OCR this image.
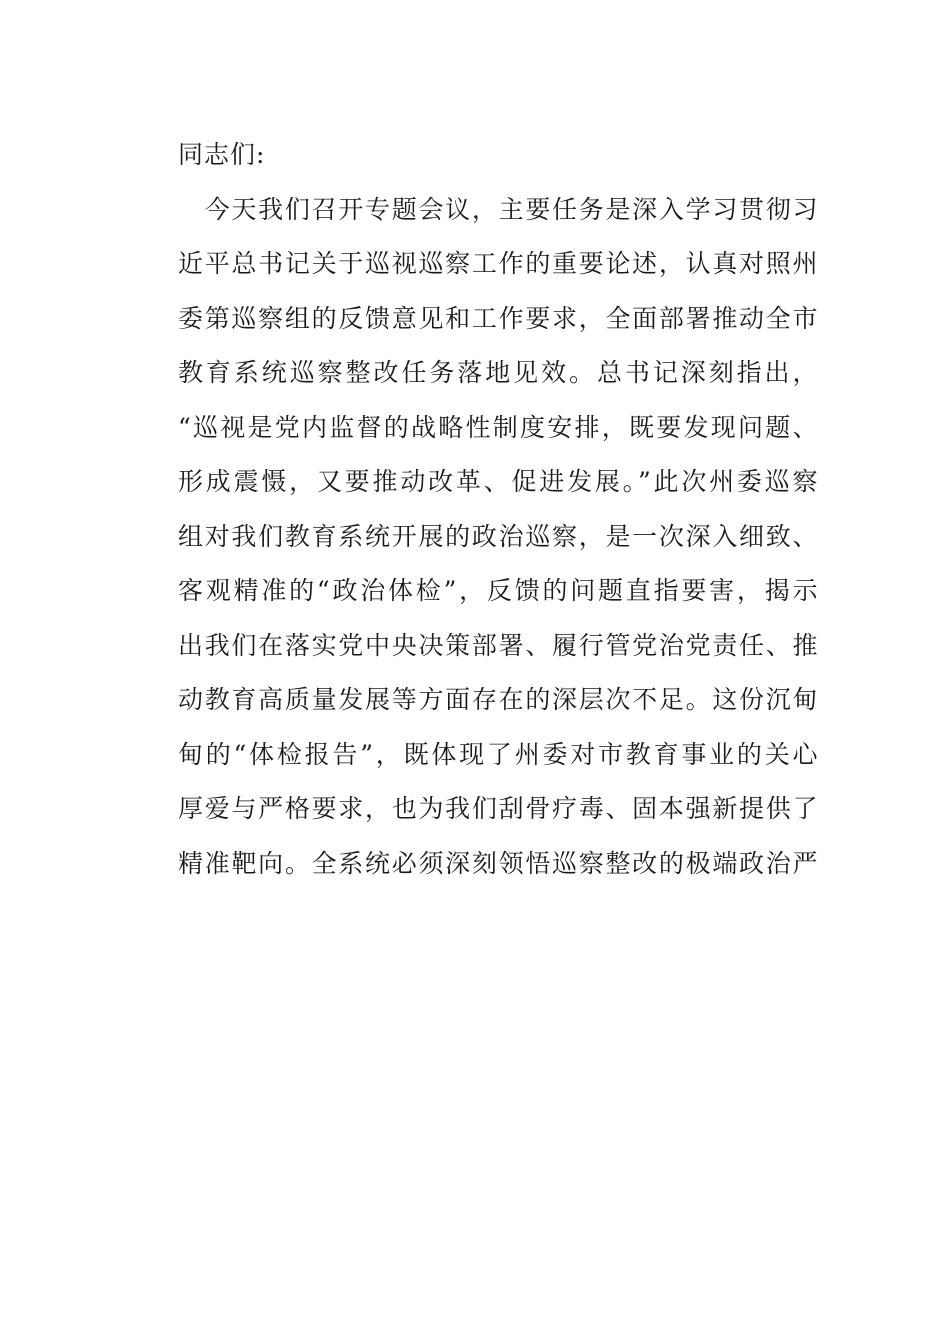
同志们:
　今天我们召开专题会议，主要任务是深入学习贯彻习
近平总书记关于巡视巡察工作的重要论述，认真对照州
委第巡察组的反馈意见和工作要求，全面部署推动全市
教育系统巡察整改任务落地见效。总书记深刻指出，
“巡视是党内监督的战略性制度安排，既要发现问题、
形成震慑，又要推动改革、促进发展。”此次州委巡察
组对我们教育系统开展的政治巡察，是一次深入细致、
客观精准的“政治体检”，反馈的问题直指要害，揭示
出我们在落实党中央决策部署、履行管党治党责任、推
动教育高质量发展等方面存在的深层次不足。这份沉甸
甸的“体检报告”，既体现了州委对市教育事业的关心
厚爱与严格要求，也为我们刮骨疗毒、固本强新提供了
精准靶向。全系统必须深刻领悟巡察整改的极端政治严
